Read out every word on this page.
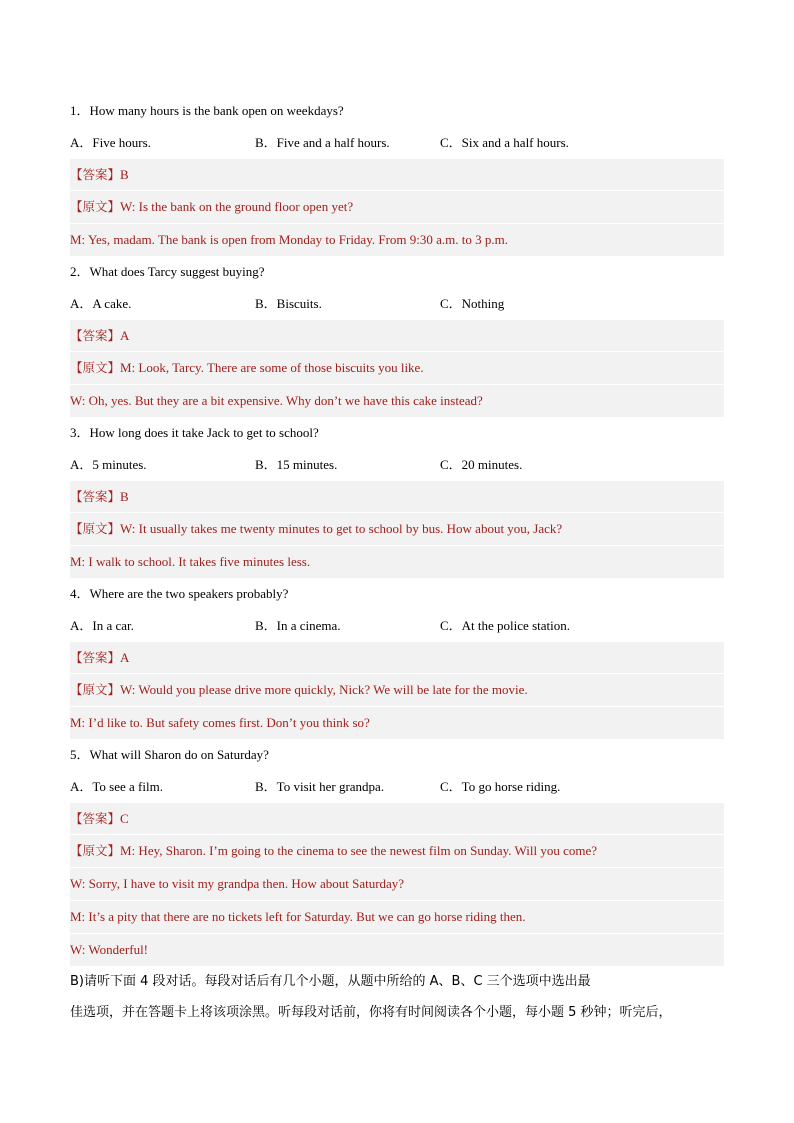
1．How many hours is the bank open on weekdays?
A．Five hours.	B．Five and a half hours.	C．Six and a half hours.
【答案】B
【原文】W: Is the bank on the ground floor open yet?
M: Yes, madam. The bank is open from Monday to Friday. From 9:30 a.m. to 3 p.m.
2．What does Tarcy suggest buying?
A．A cake.	B．Biscuits.	C．Nothing
【答案】A
【原文】M: Look, Tarcy. There are some of those biscuits you like.
W: Oh, yes. But they are a bit expensive. Why don’t we have this cake instead?
3．How long does it take Jack to get to school?
A．5 minutes.	B．15 minutes.	C．20 minutes.
【答案】B
【原文】W: It usually takes me twenty minutes to get to school by bus. How about you, Jack?
M: I walk to school. It takes five minutes less.
4．Where are the two speakers probably?
A．In a car.	B．In a cinema.	C．At the police station.
【答案】A
【原文】W: Would you please drive more quickly, Nick? We will be late for the movie.
M: I’d like to. But safety comes first. Don’t you think so?
5．What will Sharon do on Saturday?
A．To see a film.	B．To visit her grandpa.	C．To go horse riding.
【答案】C
【原文】M: Hey, Sharon. I’m going to the cinema to see the newest film on Sunday. Will you come?
W: Sorry, I have to visit my grandpa then. How about Saturday?
M: It’s a pity that there are no tickets left for Saturday. But we can go horse riding then.
W: Wonderful!
B)请听下面 4 段对话。每段对话后有几个小题，从题中所给的 A、B、C 三个选项中选出最
佳选项，并在答题卡上将该项涂黑。听每段对话前，你将有时间阅读各个小题，每小题 5 秒钟；听完后，
